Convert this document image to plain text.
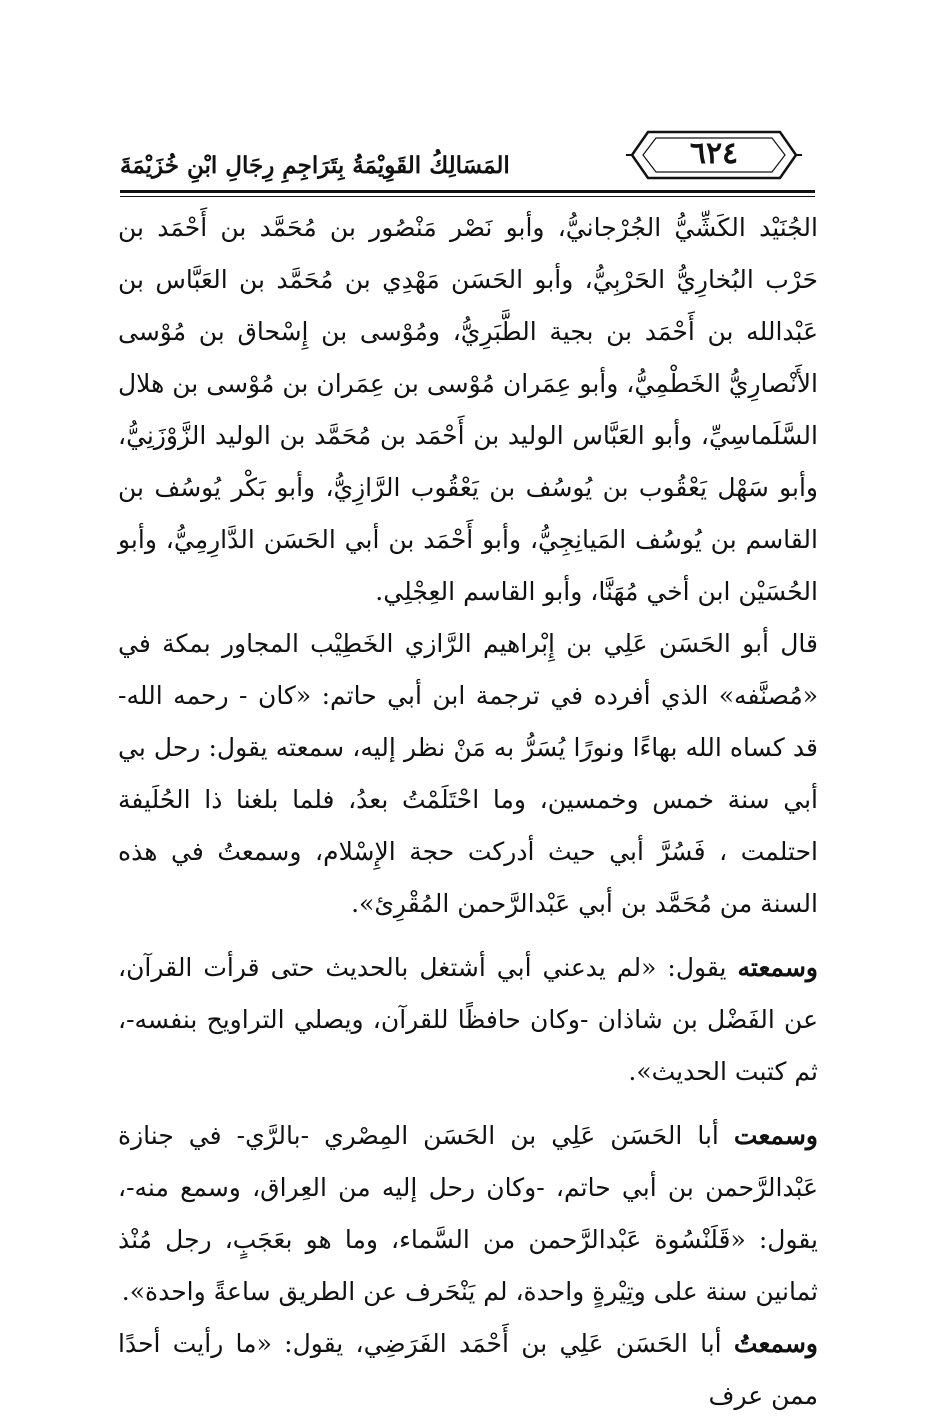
٦٢٤
المَسَالِكُ القَوِيْمَةُ بِتَرَاجِمِ رِجَالِ ابْنِ خُزَيْمَةَ

الجُنَيْد الكَشِّيُّ الجُرْجانيُّ، وأبو نَصْر مَنْصُور بن مُحَمَّد بن أَحْمَد بن حَرْب البُخارِيُّ الحَرْبِيُّ، وأبو الحَسَن مَهْدِي بن مُحَمَّد بن العَبَّاس بن عَبْدالله بن أَحْمَد بن بجية الطَّبَرِيُّ، ومُوْسى بن إِسْحاق بن مُوْسى الأَنْصارِيُّ الخَطْمِيُّ، وأبو عِمَران مُوْسى بن عِمَران بن مُوْسى بن هلال السَّلَماسِيِّ، وأبو العَبَّاس الوليد بن أَحْمَد بن مُحَمَّد بن الوليد الزَّوْزَنِيُّ، وأبو سَهْل يَعْقُوب بن يُوسُف بن يَعْقُوب الرَّازِيُّ، وأبو بَكْر يُوسُف بن القاسم بن يُوسُف المَيانِجِيُّ، وأبو أَحْمَد بن أبي الحَسَن الدَّارِمِيُّ، وأبو الحُسَيْن ابن أخي مُهَنَّا، وأبو القاسم العِجْلِي.

قال أبو الحَسَن عَلِي بن إِبْراهيم الرَّازي الخَطِيْب المجاور بمكة في «مُصنَّفه» الذي أفرده في ترجمة ابن أبي حاتم: «كان - رحمه الله- قد كساه الله بهاءًا ونورًا يُسَرُّ به مَنْ نظر إليه، سمعته يقول: رحل بي أبي سنة خمس وخمسين، وما احْتَلَمْتُ بعدُ، فلما بلغنا ذا الحُلَيفة احتلمت ، فَسُرَّ أبي حيث أدركت حجة الإِسْلام، وسمعتُ في هذه السنة من مُحَمَّد بن أبي عَبْدالرَّحمن المُقْرِئ».

وسمعته يقول: «لم يدعني أبي أشتغل بالحديث حتى قرأت القرآن، عن الفَضْل بن شاذان -وكان حافظًا للقرآن، ويصلي التراويح بنفسه-، ثم كتبت الحديث».

وسمعت أبا الحَسَن عَلِي بن الحَسَن المِصْري -بالرَّي- في جنازة عَبْدالرَّحمن بن أبي حاتم، -وكان رحل إليه من العِراق، وسمع منه-، يقول: «قَلَنْسُوة عَبْدالرَّحمن من السَّماء، وما هو بعَجَبٍ، رجل مُنْذ ثمانين سنة على وتِيْرةٍ واحدة، لم يَنْحَرف عن الطريق ساعةً واحدة».

وسمعتُ أبا الحَسَن عَلِي بن أَحْمَد الفَرَضِي، يقول: «ما رأيت أحدًا ممن عرف
